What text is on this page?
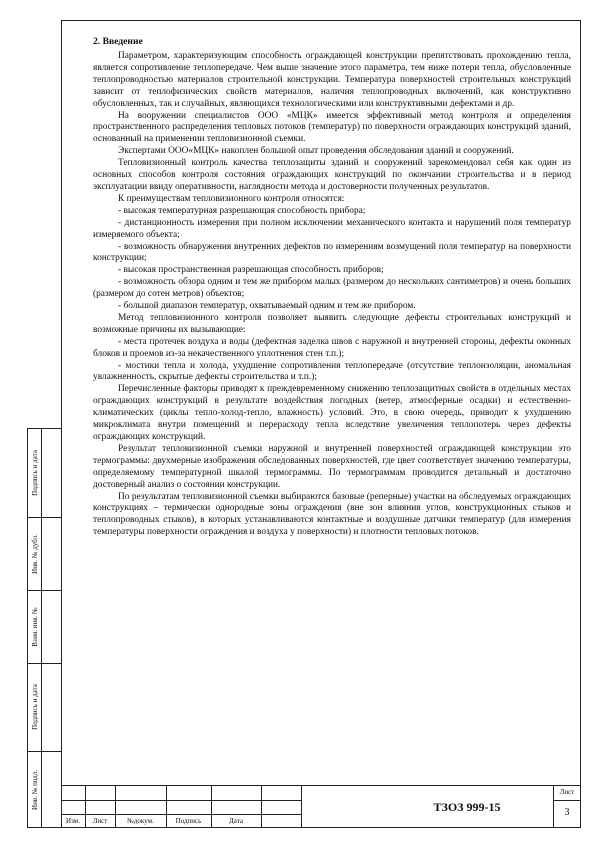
Подпись и дата
Инв. № дубл.
Взам. инв. №
Подпись и дата
Инв. № подл.
2. Введение

Параметром, характеризующим способность ограждающей конструкции препятствовать прохождению тепла, является сопротивление теплопередаче. Чем выше значение этого параметра, тем ниже потери тепла, обусловленные теплопроводностью материалов строительной конструкции. Температура поверхностей строительных конструкций зависит от теплофизических свойств материалов, наличия теплопроводных включений, как конструктивно обусловленных, так и случайных, являющихся технологическими или конструктивными дефектами и др.

На вооружении специалистов ООО «МЦК» имеется эффективный метод контроля и определения пространственного распределения тепловых потоков (температур) по поверхности ограждающих конструкций зданий, основанный на применении тепловизионной съемки.

Экспертами ООО«МЦК» накоплен большой опыт проведения обследования зданий и сооружений.

Тепловизионный контроль качества теплозащиты зданий и сооружений зарекомендовал себя как один из основных способов контроля состояния ограждающих конструкций по окончании строительства и в период эксплуатации ввиду оперативности, наглядности метода и достоверности полученных результатов.

К преимуществам тепловизионного контроля относятся:

- высокая температурная разрешающая способность прибора;

- дистанционность измерения при полном исключении механического контакта и нарушений поля температур измеряемого объекта;

- возможность обнаружения внутренних дефектов по измерениям возмущений поля температур на поверхности конструкции;

- высокая пространственная разрешающая способность приборов;

- возможность обзора одним и тем же прибором малых (размером до нескольких сантиметров) и очень больших (размером до сотен метров) объектов;

- большой диапазон температур, охватываемый одним и тем же прибором.

Метод тепловизионного контроля позволяет выявить следующие дефекты строительных конструкций и возможные причины их вызывающие:

- места протечек воздуха и воды (дефектная заделка швов с наружной и внутренней стороны, дефекты оконных блоков и проемов из-за некачественного уплотнения стен т.п.);

- мостики тепла и холода, ухудшение сопротивления теплопередаче (отсутствие теплоизоляции, аномальная увлажненность, скрытые дефекты строительства и т.п.);

Перечисленные факторы приводят к преждевременному снижению теплозащитных свойств в отдельных местах ограждающих конструкций в результате воздействия погодных (ветер, атмосферные осадки) и естественно-климатических (циклы тепло-холод-тепло, влажность) условий. Это, в свою очередь, приводит к ухудшению микроклимата внутри помещений и перерасходу тепла вследствие увеличения теплопотерь через дефекты ограждающих конструкций.

Результат тепловизионной съемки наружной и внутренней поверхностей ограждающей конструкции это термограммы: двухмерные изображения обследованных поверхностей, где цвет соответствует значению температуры, определяемому температурной шкалой термограммы. По термограммам проводится детальный и достаточно достоверный анализ о состоянии конструкции.

По результатам тепловизионной съемки выбираются базовые (реперные) участки на обследуемых ограждающих конструкциях – термически однородные зоны ограждения (вне зон влияния углов, конструкционных стыков и теплопроводных стыков), в которых устанавливаются контактные и воздушные датчики температур (для измерения температуры поверхности ограждения и воздуха у поверхности) и плотности тепловых потоков.

Изм.	Лист	№докум.	Подпись	Дата
ТЗОЗ 999-15
Лист
3
